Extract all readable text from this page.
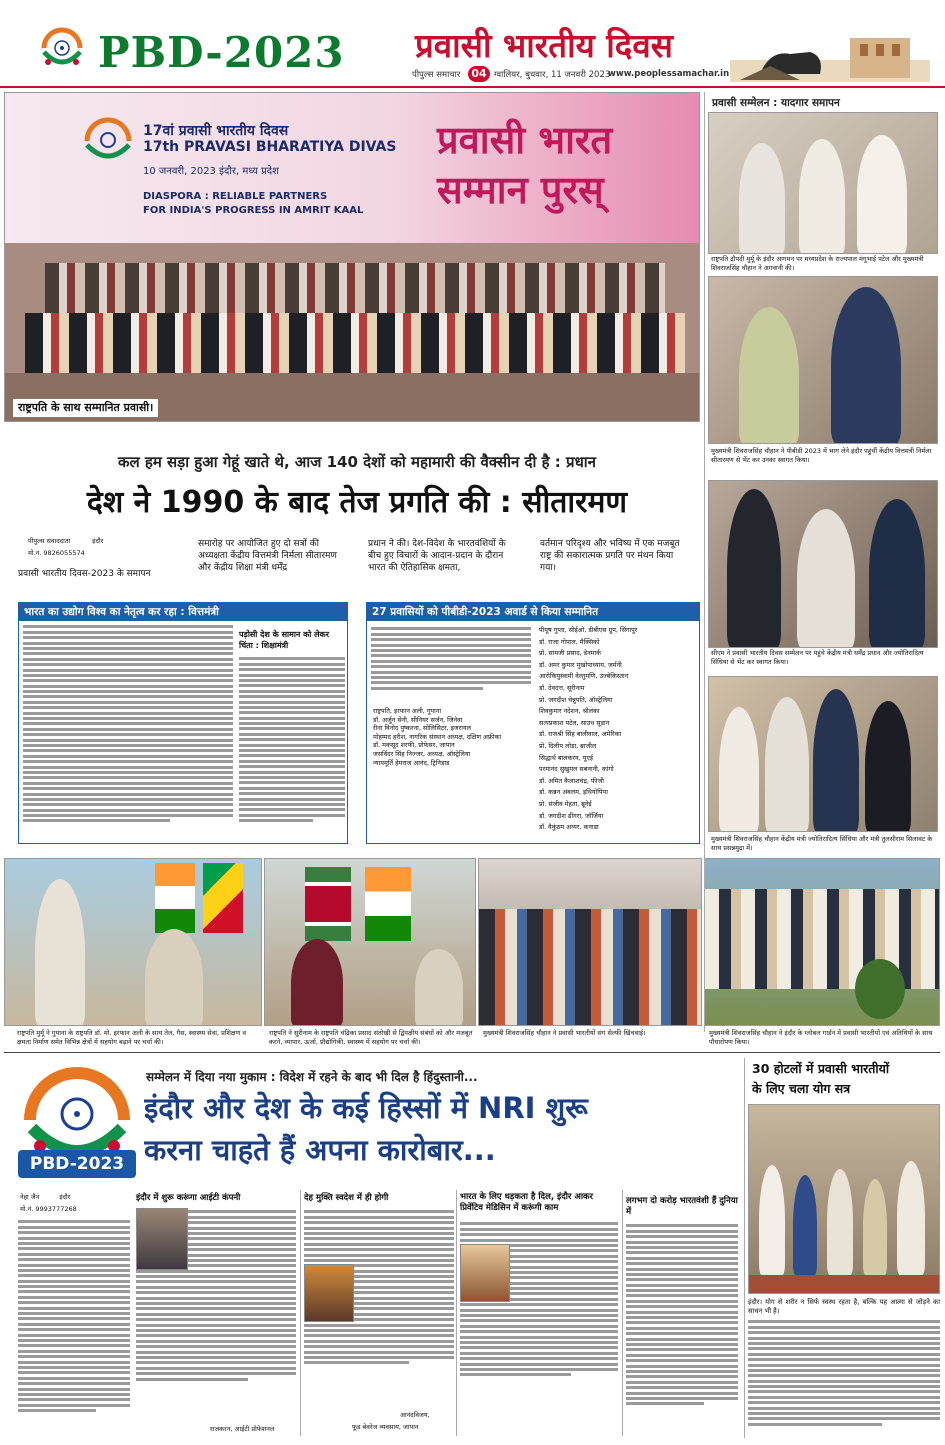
PBD-2023 प्रवासी भारतीय दिवस
पीपुल्स समाचार 04 ग्वालियर, बुधवार, 11 जनवरी 2023
www.peoplessamachar.in
17वां प्रवासी भारतीय दिवस
17th PRAVASI BHARATIYA DIVAS
10 जनवरी, 2023 इंदौर, मध्य प्रदेश
DIASPORA : RELIABLE PARTNERS
FOR INDIA'S PROGRESS IN AMRIT KAAL
प्रवासी भारत
सम्मान पुरस्
राष्ट्रपति के साथ सम्मानित प्रवासी।
प्रवासी सम्मेलन : यादगार समापन
राष्ट्रपति द्रौपदी मुर्मू के इंदौर आगमन पर मध्यप्रदेश के राज्यपाल मंगुभाई पटेल और मुख्यमंत्री शिवराजसिंह चौहान ने अगवानी की।
मुख्यमंत्री शिवराजसिंह चौहान ने पीबीडी 2023 में भाग लेने इंदौर पहुंचीं केंद्रीय वित्तमंत्री निर्मला सीतारमण से भेंट कर उनका स्वागत किया।
सीएम ने प्रवासी भारतीय दिवस सम्मेलन पर पहुंचे केंद्रीय मंत्री धर्मेंद्र प्रधान और ज्योतिरादित्य सिंधिया से भेंट कर स्वागत किया।
मुख्यमंत्री शिवराजसिंह चौहान केंद्रीय मंत्री ज्योतिरादित्य सिंधिया और मंत्री तुलसीराम सिलावट के साथ प्रसन्नमुद्रा में।
कल हम सड़ा हुआ गेहूं खाते थे, आज 140 देशों को महामारी की वैक्सीन दी है : प्रधान
देश ने 1990 के बाद तेज प्रगति की : सीतारमण
पीपुल्स संवाददाता	इंदौर
मो.न. 9826055574
प्रवासी भारतीय दिवस-2023 के समापन
समारोह पर आयोजित हुए दो सत्रों की अध्यक्षता केंद्रीय वित्तमंत्री निर्मला सीतारमण और केंद्रीय शिक्षा मंत्री धर्मेंद्र
प्रधान ने की। देश-विदेश के भारतवंशियों के बीच हुए विचारों के आदान-प्रदान के दौरान भारत की ऐतिहासिक क्षमता,
वर्तमान परिदृश्य और भविष्य में एक मजबूत राष्ट्र की सकारात्मक प्रगति पर मंथन किया गया।
भारत का उद्योग विश्व का नेतृत्व कर रहा : वित्तमंत्री
पड़ोसी देश के सामान को लेकर चिंता : शिक्षामंत्री
27 प्रवासियों को पीबीडी-2023 अवार्ड से किया सम्मानित
राष्ट्रपति, इरफान अली, गुयाना
डॉ. अर्जुन सेनी, सीनियर सर्जन, जिनेवा
रीना विनोद पुष्करना, सोलिसिटर, इजरायल
मोहम्मद हरीश, नागरिक संस्थान अध्यक्ष, दक्षिण अफ्रीका
डॉ. मकसूद शरफी, प्रोफेसर, जापान
जसविंदर सिंह निज्जर, अध्यक्ष, ऑस्ट्रेलिया
न्यायमूर्ति हेमराज आनंद, ट्रिनिडाड
पीयूष गुप्ता, सीईओ, डीबीएस ग्रुप, सिंगापुर
डॉ. राजा गोपाल, मैक्सिको
प्रो. सामजी प्रसाद, डेनमार्क
डॉ. अमर कुमार मुखोपाध्याय, जर्मनी
आरोकियुस्वामी वेल्तुमणि, उज्बेकिस्तान
डॉ. देवदत्त, सूरीनाम
प्रो. जगदीश चेन्नुपति, ऑस्ट्रेलिया
शिवकुमार नदेशन, श्रीलंका
सत्यप्रकाश पटेल, साउथ सूडान
डॉ. राजश्री सिंह बालीवाल, अमेरिका
प्रो. दिलीप लोडा, ब्राजील
सिद्धार्थ बालकरन, यूएई
परमानंद सुखुमल सबनानी, कांगो
डॉ. अमित कैलाशचंद्र, फीजी
डॉ. कन्नन अंबलम, इथियोपिया
प्रो. संजीव मेहता, ब्रूनेई
डॉ. जगदीश ढींगरा, जॉर्जिया
डॉ. वैकुंठम अय्यर, कनाडा
राष्ट्रपति मुर्मू ने गुयाना के राष्ट्रपति डॉ. मो. इरफान अली के साथ तेल, गैस, स्वास्थ्य सेवा, प्रशिक्षण व क्षमता निर्माण समेत विभिन्न क्षेत्रों में सहयोग बढ़ाने पर चर्चा की।
राष्ट्रपति ने सूरीनाम के राष्ट्रपति चंद्रिका प्रसाद संतोखी से द्विपक्षीय संबंधों को और मजबूत करने, व्यापार, ऊर्जा, प्रौद्योगिकी, स्वास्थ्य में सहयोग पर चर्चा की।
मुख्यमंत्री शिवराजसिंह चौहान ने प्रवासी भारतीयों संग सेल्फी खिंचवाई।	मुख्यमंत्री शिवराजसिंह चौहान ने इंदौर के ग्लोबल गार्डन में प्रवासी भारतीयों एवं अतिथियों के साथ पौधारोपण किया।
PBD-2023
सम्मेलन में दिया नया मुकाम : विदेश में रहने के बाद भी दिल है हिंदुस्तानी...
इंदौर और देश के कई हिस्सों में NRI शुरू
करना चाहते हैं अपना कारोबार...
नेहा जैन	इंदौर
मो.नं. 9993777268
इंदौर में शुरू करूंगा आईटी कंपनी
राजकरन, आईटी प्रोफेशनल
देह मुक्ति स्वदेश में ही होगी
आनंदविजय,
फूड बेवरेज व्यवसाय, जापान
भारत के लिए धड़कता है दिल, इंदौर आकर प्रिवेंटिव मेडिसिन में करूंगी काम
लगभग दो करोड़ भारतवंशी हैं दुनिया में
30 होटलों में प्रवासी भारतीयों
के लिए चला योग सत्र
इंदौर। योग से शरीर न सिर्फ स्वस्थ रहता है, बल्कि यह आत्मा से जोड़ने का साधन भी है।
